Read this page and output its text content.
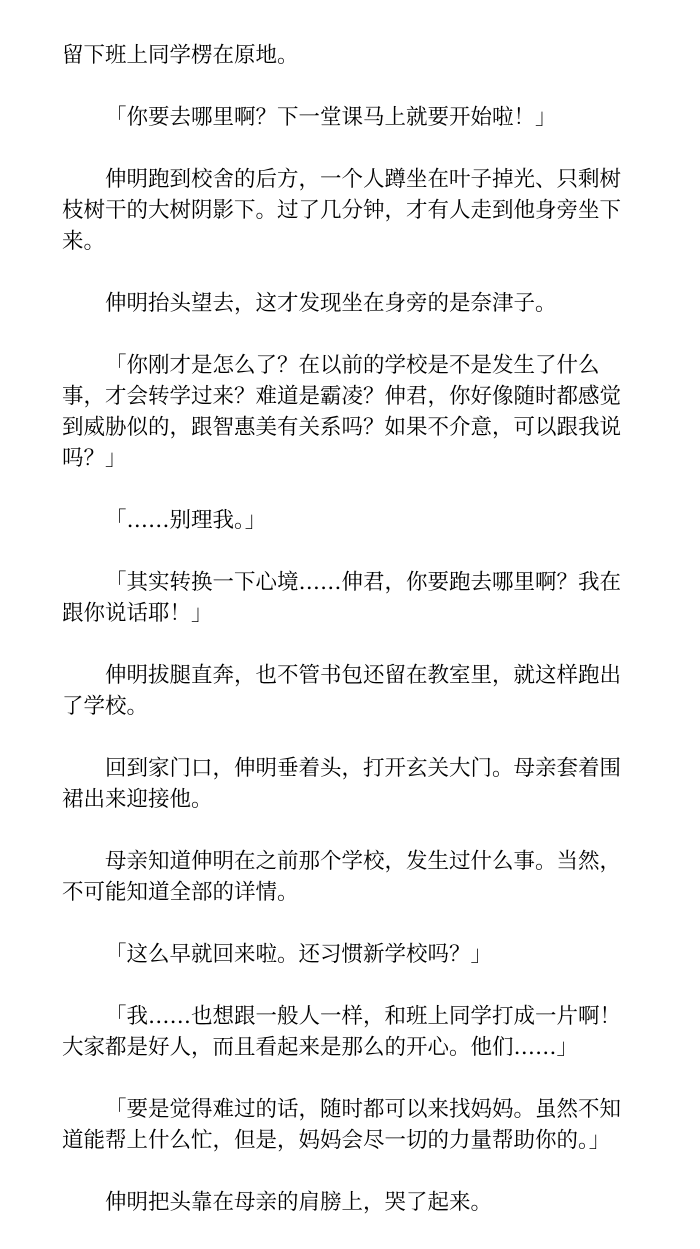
留下班上同学楞在原地。

「你要去哪里啊？下一堂课马上就要开始啦！」

伸明跑到校舍的后方，一个人蹲坐在叶子掉光、只剩树枝树干的大树阴影下。过了几分钟，才有人走到他身旁坐下来。

伸明抬头望去，这才发现坐在身旁的是奈津子。

「你刚才是怎么了？在以前的学校是不是发生了什么事，才会转学过来？难道是霸凌？伸君，你好像随时都感觉到威胁似的，跟智惠美有关系吗？如果不介意，可以跟我说吗？」

「……别理我。」

「其实转换一下心境……伸君，你要跑去哪里啊？我在跟你说话耶！」

伸明拔腿直奔，也不管书包还留在教室里，就这样跑出了学校。

回到家门口，伸明垂着头，打开玄关大门。母亲套着围裙出来迎接他。

母亲知道伸明在之前那个学校，发生过什么事。当然，不可能知道全部的详情。

「这么早就回来啦。还习惯新学校吗？」

「我……也想跟一般人一样，和班上同学打成一片啊！大家都是好人，而且看起来是那么的开心。他们……」

「要是觉得难过的话，随时都可以来找妈妈。虽然不知道能帮上什么忙，但是，妈妈会尽一切的力量帮助你的。」

伸明把头靠在母亲的肩膀上，哭了起来。
